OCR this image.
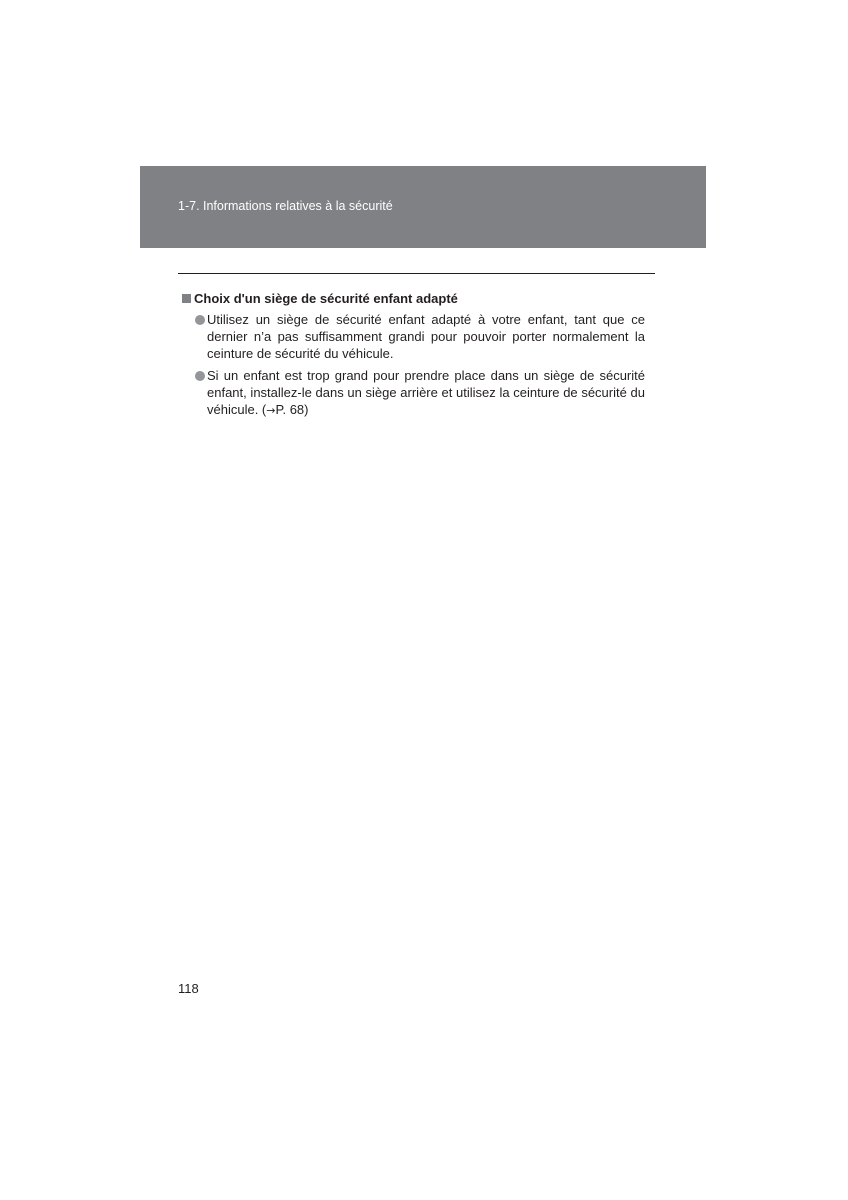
1-7. Informations relatives à la sécurité
Choix d'un siège de sécurité enfant adapté
Utilisez un siège de sécurité enfant adapté à votre enfant, tant que ce dernier n’a pas suffisamment grandi pour pouvoir porter normalement la ceinture de sécurité du véhicule.
Si un enfant est trop grand pour prendre place dans un siège de sécurité enfant, installez-le dans un siège arrière et utilisez la ceinture de sécurité du véhicule. (→P. 68)
118
